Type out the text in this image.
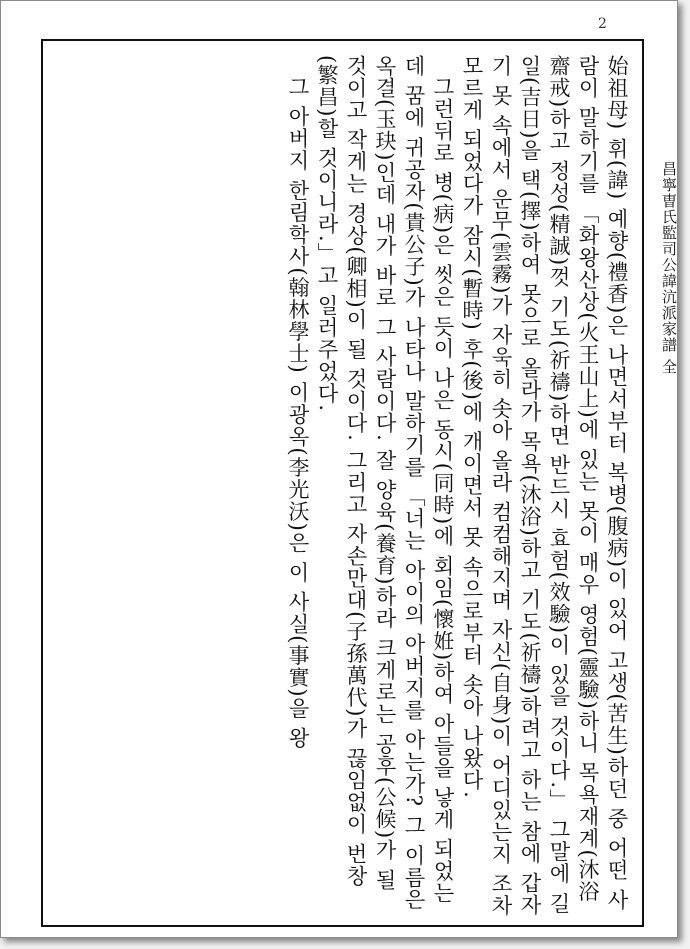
2
昌寧曺氏監司公諱沆派家譜 全

始祖母) 휘(諱) 예향(禮香)은 나면서부터 복병(腹病)이 있어 고생(苦生)하던 중 어떤 사람이 말하기를 「화왕산상(火王山上)에 있는 못이 매우 영험(靈驗)하니 목욕재계(沐浴齋戒)하고 정성(精誠)껏 기도(祈禱)하면 반드시 효험(效驗)이 있을 것이다.」 그말에 길일(吉日)을 택(擇)하여 못으로 올라가 목욕(沐浴)하고 기도(祈禱)하려고 하는 참에 갑자기 못 속에서 운무(雲霧)가 자욱히 솟아 올라 컴컴해지며 자신(自身)이 어디있는지 조차 모르게 되었다가 잠시(暫時) 후(後)에 개이면서 못 속으로부터 솟아 나왔다.

그런뒤로 병(病)은 씻은 듯이 나은 동시(同時)에 회임(懷姙)하여 아들을 낳게 되었는데 꿈에 귀공자(貴公子)가 나타나 말하기를 「너는 아이의 아버지를 아는가? 그 이름은 옥결(玉玦)인데 내가 바로 그 사람이다. 잘 양육(養育)하라 크게로는 공후(公候)가 될 것이고 작게는 경상(卿相)이 될 것이다. 그리고 자손만대(子孫萬代)가 끊임없이 번창(繁昌)할 것이니라.」고 일러주었다.

그 아버지 한림학사(翰林學士) 이광옥(李光沃)은 이 사실(事實)을 왕
